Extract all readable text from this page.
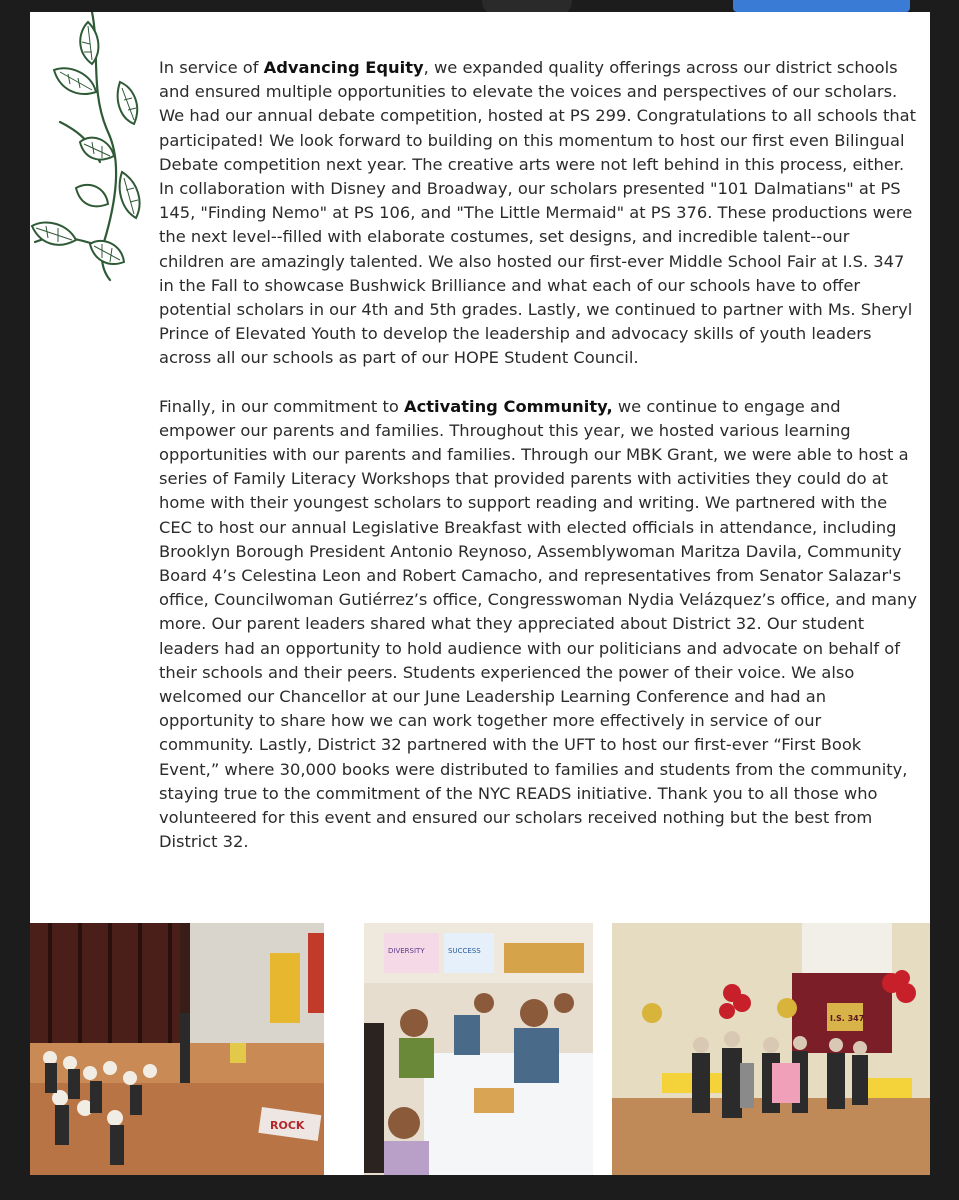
In service of Advancing Equity, we expanded quality offerings across our district schools and ensured multiple opportunities to elevate the voices and perspectives of our scholars. We had our annual debate competition, hosted at PS 299. Congratulations to all schools that participated! We look forward to building on this momentum to host our first even Bilingual Debate competition next year. The creative arts were not left behind in this process, either. In collaboration with Disney and Broadway, our scholars presented "101 Dalmatians" at PS 145, "Finding Nemo" at PS 106, and "The Little Mermaid" at PS 376. These productions were the next level--filled with elaborate costumes, set designs, and incredible talent--our children are amazingly talented. We also hosted our first-ever Middle School Fair at I.S. 347 in the Fall to showcase Bushwick Brilliance and what each of our schools have to offer potential scholars in our 4th and 5th grades. Lastly, we continued to partner with Ms. Sheryl Prince of Elevated Youth to develop the leadership and advocacy skills of youth leaders across all our schools as part of our HOPE Student Council.

Finally, in our commitment to Activating Community, we continue to engage and empower our parents and families. Throughout this year, we hosted various learning opportunities with our parents and families. Through our MBK Grant, we were able to host a series of Family Literacy Workshops that provided parents with activities they could do at home with their youngest scholars to support reading and writing. We partnered with the CEC to host our annual Legislative Breakfast with elected officials in attendance, including Brooklyn Borough President Antonio Reynoso, Assemblywoman Maritza Davila, Community Board 4’s Celestina Leon and Robert Camacho, and representatives from Senator Salazar's office, Councilwoman Gutiérrez’s office, Congresswoman Nydia Velázquez’s office, and many more. Our parent leaders shared what they appreciated about District 32. Our student leaders had an opportunity to hold audience with our politicians and advocate on behalf of their schools and their peers. Students experienced the power of their voice. We also welcomed our Chancellor at our June Leadership Learning Conference and had an opportunity to share how we can work together more effectively in service of our community. Lastly, District 32 partnered with the UFT to host our first-ever “First Book Event,” where 30,000 books were distributed to families and students from the community, staying true to the commitment of the NYC READS initiative. Thank you to all those who volunteered for this event and ensured our scholars received nothing but the best from District 32.

ROCK
DIVERSITY	SUCCESS
I.S. 347
